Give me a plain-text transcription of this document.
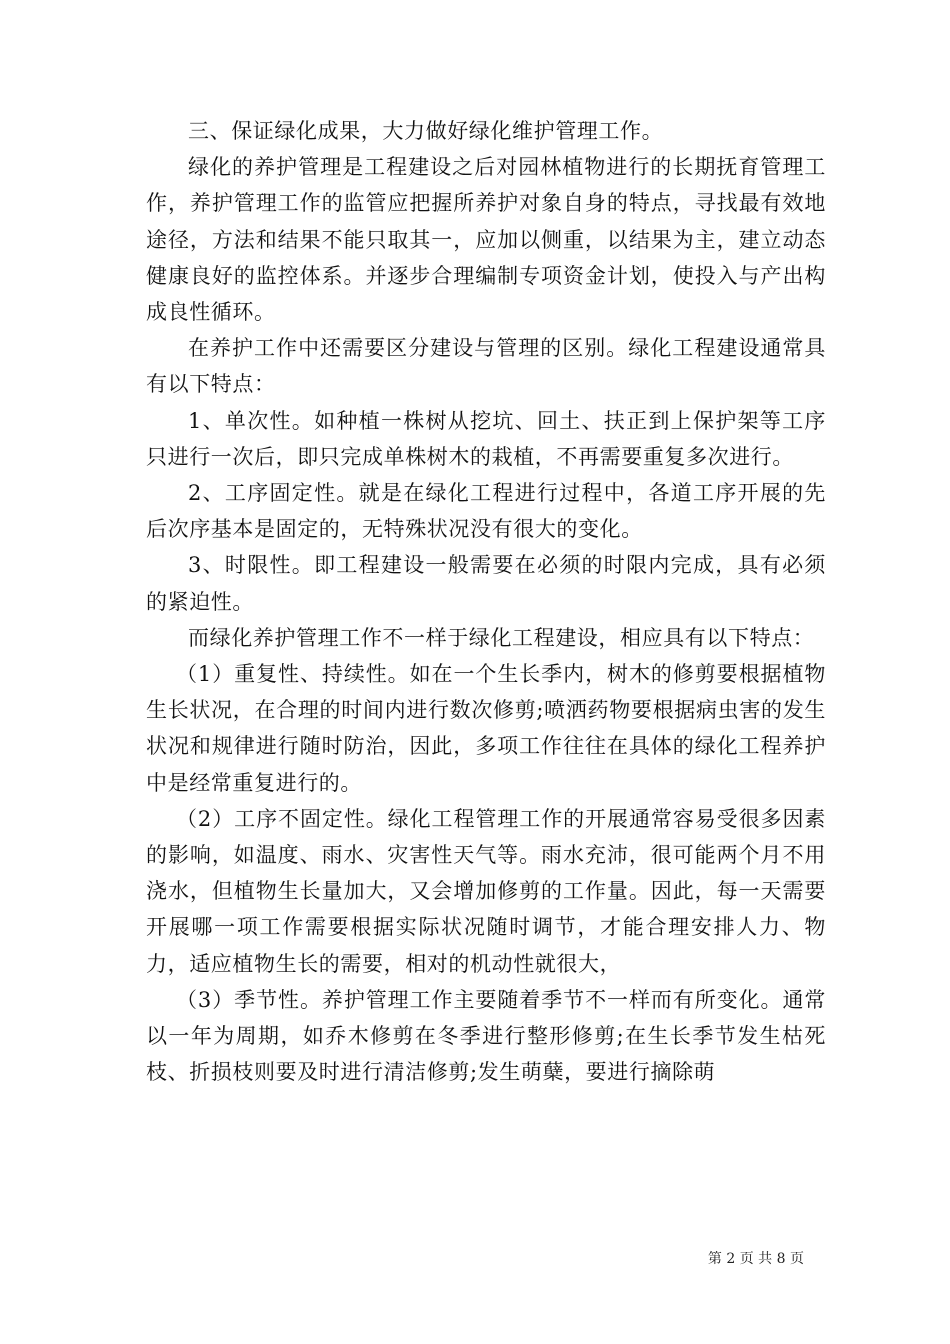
三、保证绿化成果，大力做好绿化维护管理工作。

绿化的养护管理是工程建设之后对园林植物进行的长期抚育管理工作，养护管理工作的监管应把握所养护对象自身的特点，寻找最有效地途径，方法和结果不能只取其一，应加以侧重，以结果为主，建立动态健康良好的监控体系。并逐步合理编制专项资金计划，使投入与产出构成良性循环。

在养护工作中还需要区分建设与管理的区别。绿化工程建设通常具有以下特点：

1、单次性。如种植一株树从挖坑、回土、扶正到上保护架等工序只进行一次后，即只完成单株树木的栽植，不再需要重复多次进行。

2、工序固定性。就是在绿化工程进行过程中，各道工序开展的先后次序基本是固定的，无特殊状况没有很大的变化。

3、时限性。即工程建设一般需要在必须的时限内完成，具有必须的紧迫性。

而绿化养护管理工作不一样于绿化工程建设，相应具有以下特点：

（1）重复性、持续性。如在一个生长季内，树木的修剪要根据植物生长状况，在合理的时间内进行数次修剪;喷洒药物要根据病虫害的发生状况和规律进行随时防治，因此，多项工作往往在具体的绿化工程养护中是经常重复进行的。

（2）工序不固定性。绿化工程管理工作的开展通常容易受很多因素的影响，如温度、雨水、灾害性天气等。雨水充沛，很可能两个月不用浇水，但植物生长量加大，又会增加修剪的工作量。因此，每一天需要开展哪一项工作需要根据实际状况随时调节，才能合理安排人力、物力，适应植物生长的需要，相对的机动性就很大，

（3）季节性。养护管理工作主要随着季节不一样而有所变化。通常以一年为周期，如乔木修剪在冬季进行整形修剪;在生长季节发生枯死枝、折损枝则要及时进行清洁修剪;发生萌蘖，要进行摘除萌

第 2 页 共 8 页
